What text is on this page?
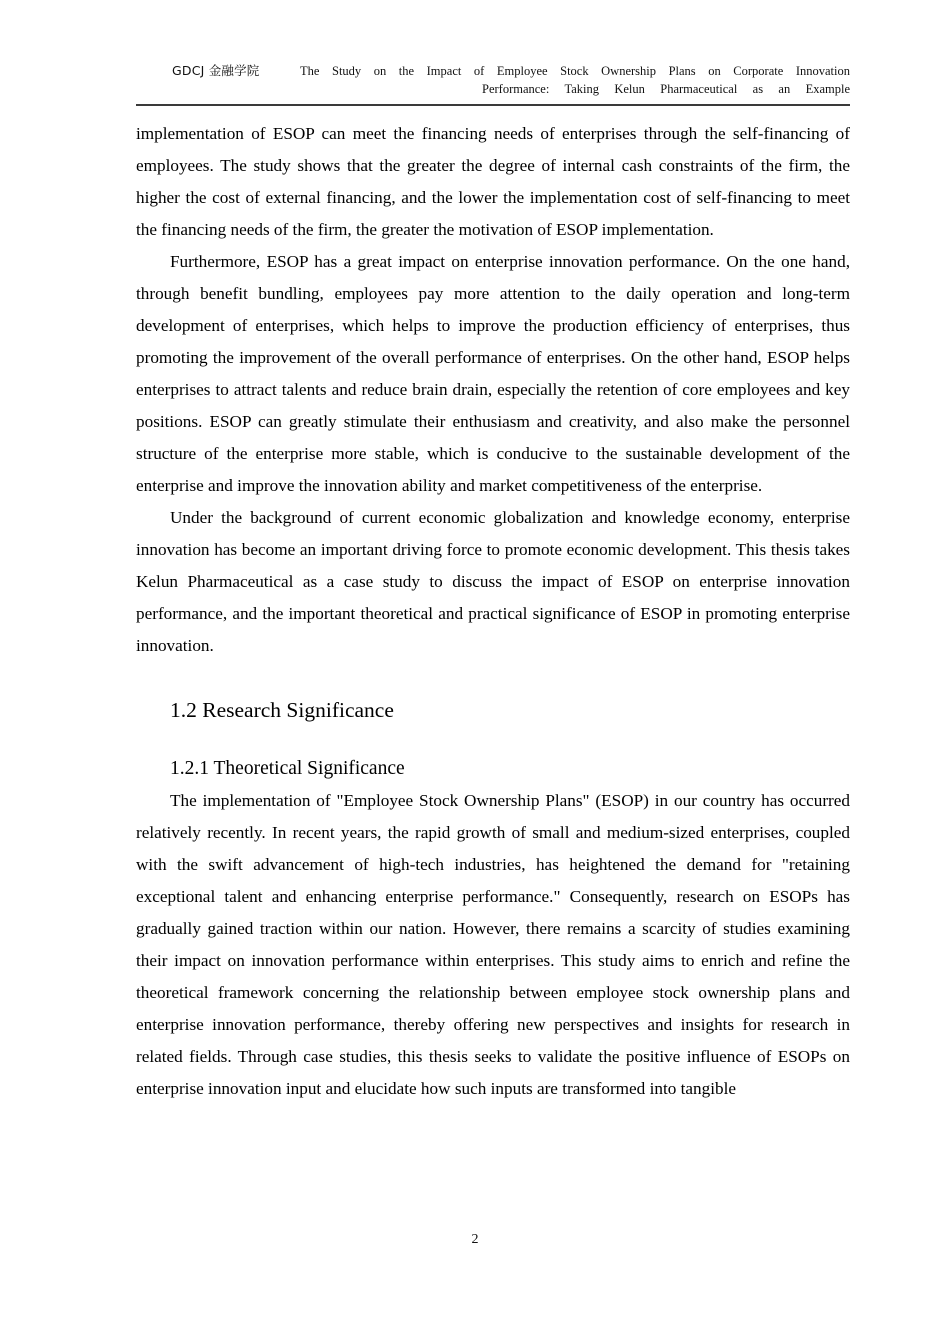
GDCJ 金融学院	The Study on the Impact of Employee Stock Ownership Plans on Corporate Innovation
Performance: Taking Kelun Pharmaceutical as an Example

implementation of ESOP can meet the financing needs of enterprises through the self-financing of employees. The study shows that the greater the degree of internal cash constraints of the firm, the higher the cost of external financing, and the lower the implementation cost of self-financing to meet the financing needs of the firm, the greater the motivation of ESOP implementation.

Furthermore, ESOP has a great impact on enterprise innovation performance. On the one hand, through benefit bundling, employees pay more attention to the daily operation and long-term development of enterprises, which helps to improve the production efficiency of enterprises, thus promoting the improvement of the overall performance of enterprises. On the other hand, ESOP helps enterprises to attract talents and reduce brain drain, especially the retention of core employees and key positions. ESOP can greatly stimulate their enthusiasm and creativity, and also make the personnel structure of the enterprise more stable, which is conducive to the sustainable development of the enterprise and improve the innovation ability and market competitiveness of the enterprise.

Under the background of current economic globalization and knowledge economy, enterprise innovation has become an important driving force to promote economic development. This thesis takes Kelun Pharmaceutical as a case study to discuss the impact of ESOP on enterprise innovation performance, and the important theoretical and practical significance of ESOP in promoting enterprise innovation.

1.2 Research Significance
1.2.1 Theoretical Significance

The implementation of "Employee Stock Ownership Plans" (ESOP) in our country has occurred relatively recently. In recent years, the rapid growth of small and medium-sized enterprises, coupled with the swift advancement of high-tech industries, has heightened the demand for "retaining exceptional talent and enhancing enterprise performance." Consequently, research on ESOPs has gradually gained traction within our nation. However, there remains a scarcity of studies examining their impact on innovation performance within enterprises. This study aims to enrich and refine the theoretical framework concerning the relationship between employee stock ownership plans and enterprise innovation performance, thereby offering new perspectives and insights for research in related fields. Through case studies, this thesis seeks to validate the positive influence of ESOPs on enterprise innovation input and elucidate how such inputs are transformed into tangible

2
